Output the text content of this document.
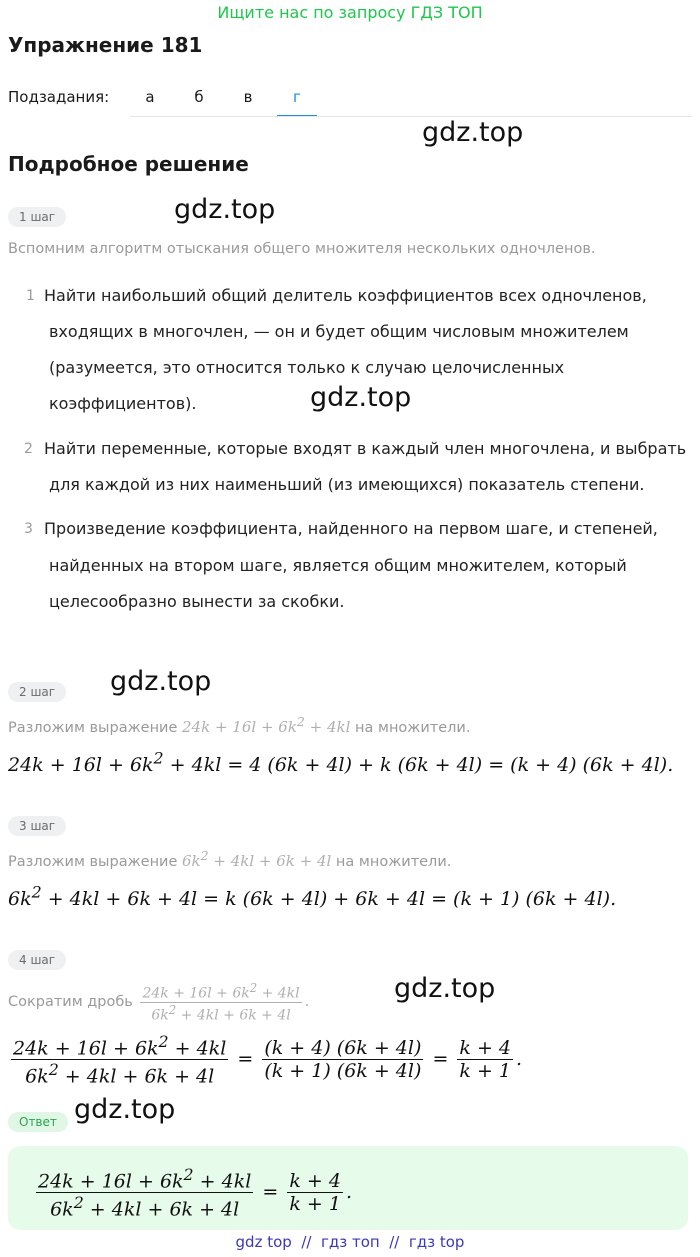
Ищите нас по запросу ГДЗ ТОП
Упражнение 181
Подзадания:	а	б	в	г
gdz.top
Подробное решение
1 шаг	gdz.top
Вспомним алгоритм отыскания общего множителя нескольких одночленов.
1 Найти наибольший общий делитель коэффициентов всех одночленов,
входящих в многочлен, — он и будет общим числовым множителем
(разумеется, это относится только к случаю целочисленных
коэффициентов).	gdz.top
2 Найти переменные, которые входят в каждый член многочлена, и выбрать
для каждой из них наименьший (из имеющихся) показатель степени.
3 Произведение коэффициента, найденного на первом шаге, и степеней,
найденных на втором шаге, является общим множителем, который
целесообразно вынести за скобки.
2 шаг	gdz.top
Разложим выражение $24k + 16l + 6k^2 + 4kl$ на множители.
$24k + 16l + 6k^2 + 4kl = 4$ (6k + 4l) + k (6k + 4l) = (k + 4) (6k + 4l).
3 шаг
Разложим выражение $6k^2 + 4kl + 6k + 4l$ на множители.
$6k^2 + 4kl + 6k + 4l = k$ (6k + 4l) + 6k + 4l = (k + 1) (6k + 4l).
4 шаг
gdz.top
Сократим дробь $\frac{24k + 16l + 6k^2 + 4kl}{6k^2 + 4kl + 6k + 4l}$ .
$\frac{24k + 16l + 6k^2 + 4kl}{6k^2 + 4kl + 6k + 4l} = \frac{(k + 4) (6k + 4l)}{(k + 1) (6k + 4l)} = \frac{k + 4}{k + 1}$ .
Ответ gdz.top
$\frac{24k + 16l + 6k^2 + 4kl}{6k^2 + 4kl + 6k + 4l} = \frac{k + 4}{k + 1}$ .
gdz top  //  гдз топ  //  гдз top
